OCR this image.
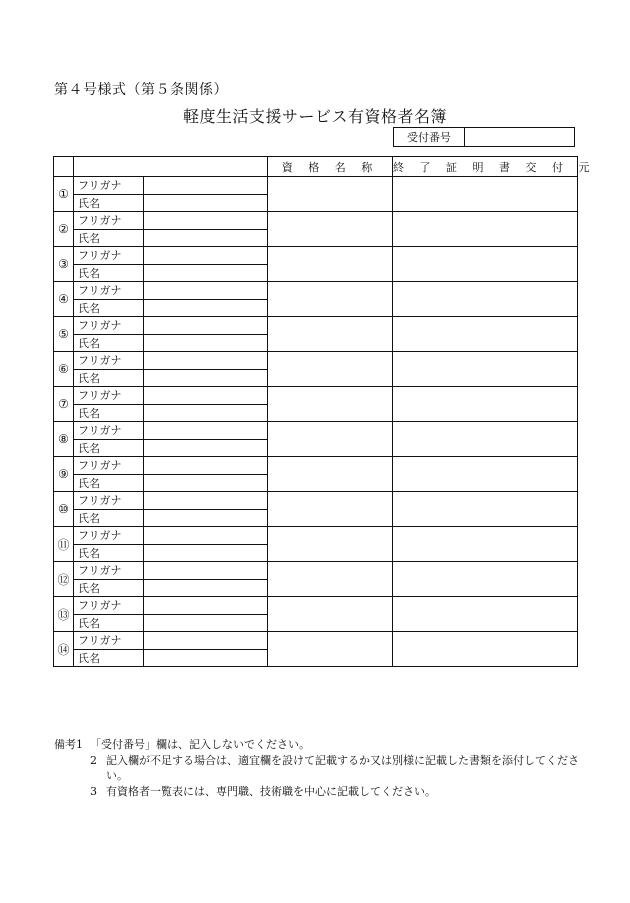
第４号様式（第５条関係）
軽度生活支援サービス有資格者名簿
受付番号
			資 格 名 称	終 了 証 明 書 交 付 元
①	フリガナ			
	氏名			
②	フリガナ			
	氏名			
③	フリガナ			
	氏名			
④	フリガナ			
	氏名			
⑤	フリガナ			
	氏名			
⑥	フリガナ			
	氏名			
⑦	フリガナ			
	氏名			
⑧	フリガナ			
	氏名			
⑨	フリガナ			
	氏名			
⑩	フリガナ			
	氏名			
⑪	フリガナ			
	氏名			
⑫	フリガナ			
	氏名			
⑬	フリガナ			
	氏名			
⑭	フリガナ			
	氏名			
備考1 「受付番号」欄は、記入しないでください。
2 記入欄が不足する場合は、適宜欄を設けて記載するか又は別様に記載した書類を添付してください。
3 有資格者一覧表には、専門職、技術職を中心に記載してください。
